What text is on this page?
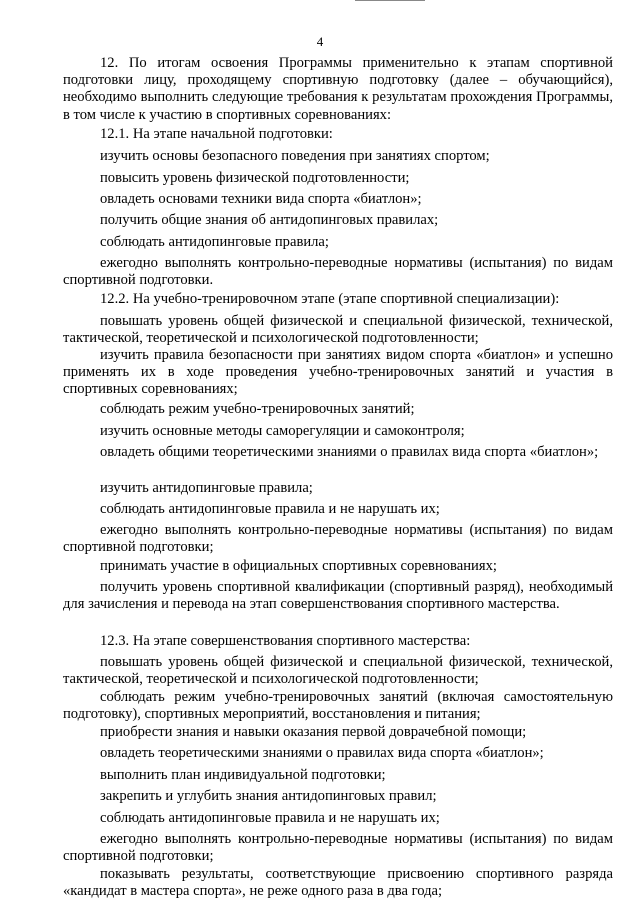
4

12. По итогам освоения Программы применительно к этапам спортивной подготовки лицу, проходящему спортивную подготовку (далее – обучающийся), необходимо выполнить следующие требования к результатам прохождения Программы, в том числе к участию в спортивных соревнованиях:

12.1. На этапе начальной подготовки:

изучить основы безопасного поведения при занятиях спортом;

повысить уровень физической подготовленности;

овладеть основами техники вида спорта «биатлон»;

получить общие знания об антидопинговых правилах;

соблюдать антидопинговые правила;

ежегодно выполнять контрольно-переводные нормативы (испытания) по видам спортивной подготовки.

12.2. На учебно-тренировочном этапе (этапе спортивной специализации):

повышать уровень общей физической и специальной физической, технической, тактической, теоретической и психологической подготовленности;

изучить правила безопасности при занятиях видом спорта «биатлон» и успешно применять их в ходе проведения учебно-тренировочных занятий и участия в спортивных соревнованиях;

соблюдать режим учебно-тренировочных занятий;

изучить основные методы саморегуляции и самоконтроля;

овладеть общими теоретическими знаниями о правилах вида спорта «биатлон»;

изучить антидопинговые правила;

соблюдать антидопинговые правила и не нарушать их;

ежегодно выполнять контрольно-переводные нормативы (испытания) по видам спортивной подготовки;

принимать участие в официальных спортивных соревнованиях;

получить уровень спортивной квалификации (спортивный разряд), необходимый для зачисления и перевода на этап совершенствования спортивного мастерства.

12.3. На этапе совершенствования спортивного мастерства:

повышать уровень общей физической и специальной физической, технической, тактической, теоретической и психологической подготовленности;

соблюдать режим учебно-тренировочных занятий (включая самостоятельную подготовку), спортивных мероприятий, восстановления и питания;

приобрести знания и навыки оказания первой доврачебной помощи;

овладеть теоретическими знаниями о правилах вида спорта «биатлон»;

выполнить план индивидуальной подготовки;

закрепить и углубить знания антидопинговых правил;

соблюдать антидопинговые правила и не нарушать их;

ежегодно выполнять контрольно-переводные нормативы (испытания) по видам спортивной подготовки;

показывать результаты, соответствующие присвоению спортивного разряда «кандидат в мастера спорта», не реже одного раза в два года;
